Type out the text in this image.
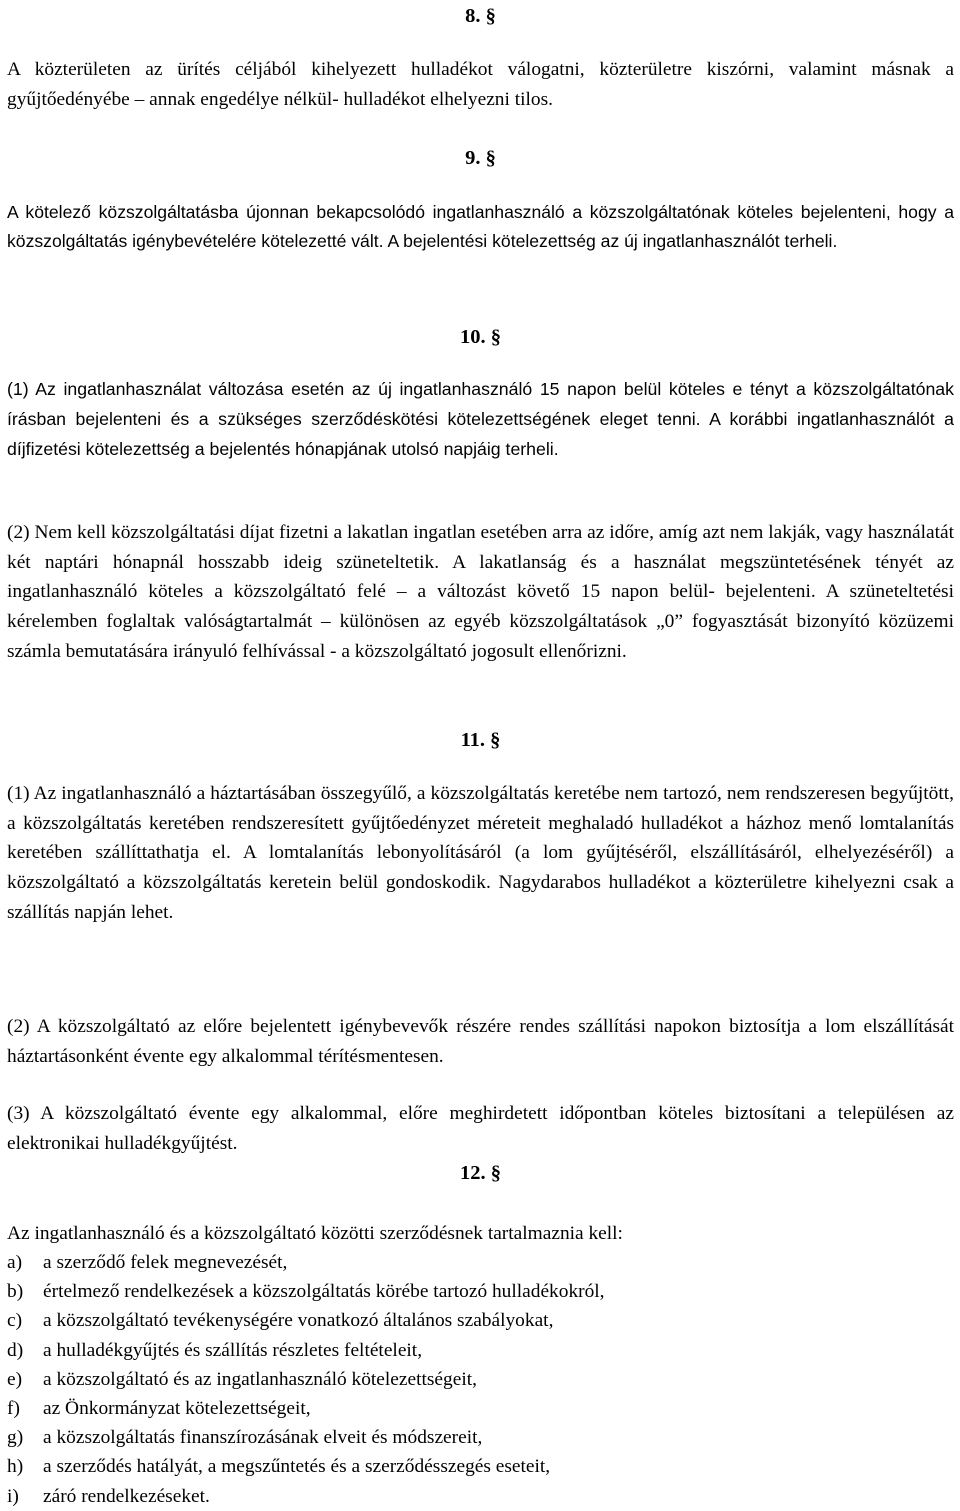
8. §

A közterületen az ürítés céljából kihelyezett hulladékot válogatni, közterületre kiszórni, valamint másnak a gyűjtőedényébe – annak engedélye nélkül- hulladékot elhelyezni tilos.

9. §

A kötelező közszolgáltatásba újonnan bekapcsolódó ingatlanhasználó a közszolgáltatónak köteles bejelenteni, hogy a közszolgáltatás igénybevételére kötelezetté vált. A bejelentési kötelezettség az új ingatlanhasználót terheli.

10. §

(1) Az ingatlanhasználat változása esetén az új ingatlanhasználó 15 napon belül köteles e tényt a közszolgáltatónak írásban bejelenteni és a szükséges szerződéskötési kötelezettségének eleget tenni. A korábbi ingatlanhasználót a díjfizetési kötelezettség a bejelentés hónapjának utolsó napjáig terheli.

(2) Nem kell közszolgáltatási díjat fizetni a lakatlan ingatlan esetében arra az időre, amíg azt nem lakják, vagy használatát két naptári hónapnál hosszabb ideig szüneteltetik. A lakatlanság és a használat megszüntetésének tényét az ingatlanhasználó köteles a közszolgáltató felé – a változást követő 15 napon belül- bejelenteni. A szüneteltetési kérelemben foglaltak valóságtartalmát – különösen az egyéb közszolgáltatások „0” fogyasztását bizonyító közüzemi számla bemutatására irányuló felhívással - a közszolgáltató jogosult ellenőrizni.

11. §

(1) Az ingatlanhasználó a háztartásában összegyűlő, a közszolgáltatás keretébe nem tartozó, nem rendszeresen begyűjtött, a közszolgáltatás keretében rendszeresített gyűjtőedényzet méreteit meghaladó hulladékot a házhoz menő lomtalanítás keretében szállíttathatja el. A lomtalanítás lebonyolításáról (a lom gyűjtéséről, elszállításáról, elhelyezéséről) a közszolgáltató a közszolgáltatás keretein belül gondoskodik. Nagydarabos hulladékot a közterületre kihelyezni csak a szállítás napján lehet.

(2) A közszolgáltató az előre bejelentett igénybevevők részére rendes szállítási napokon biztosítja a lom elszállítását háztartásonként évente egy alkalommal térítésmentesen.

(3) A közszolgáltató évente egy alkalommal, előre meghirdetett időpontban köteles biztosítani a településen az elektronikai hulladékgyűjtést.

12. §

Az ingatlanhasználó és a közszolgáltató közötti szerződésnek tartalmaznia kell:

a) a szerződő felek megnevezését,
b) értelmező rendelkezések a közszolgáltatás körébe tartozó hulladékokról,
c) a közszolgáltató tevékenységére vonatkozó általános szabályokat,
d) a hulladékgyűjtés és szállítás részletes feltételeit,
e) a közszolgáltató és az ingatlanhasználó kötelezettségeit,
f) az Önkormányzat kötelezettségeit,
g) a közszolgáltatás finanszírozásának elveit és módszereit,
h) a szerződés hatályát, a megszűntetés és a szerződésszegés eseteit,
i) záró rendelkezéseket.
